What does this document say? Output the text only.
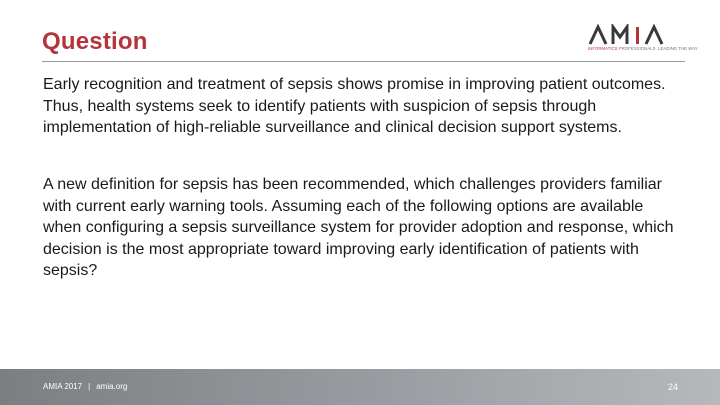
Question	INFORMATICS PROFESSIONALS. LEADING THE WAY.
Early recognition and treatment of sepsis shows promise in improving patient outcomes. Thus, health systems seek to identify patients with suspicion of sepsis through implementation of high-reliable surveillance and clinical decision support systems.
A new definition for sepsis has been recommended, which challenges providers familiar with current early warning tools. Assuming each of the following options are available when configuring a sepsis surveillance system for provider adoption and response, which decision is the most appropriate toward improving early identification of patients with sepsis?
AMIA 2017 | amia.org	24
